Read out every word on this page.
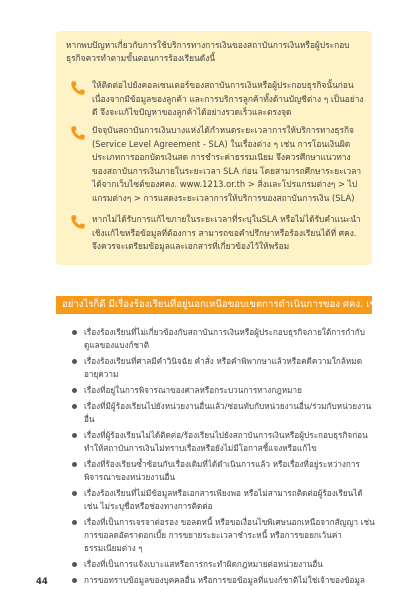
หากพบปัญหาเกี่ยวกับการใช้บริการทางการเงินของสถาบันการเงินหรือผู้ประกอบธุรกิจควรทำตามขั้นตอนการร้องเรียนดังนี้
ให้ติดต่อไปยังคอลเซนเตอร์ของสถาบันการเงินหรือผู้ประกอบธุรกิจนั้นก่อน เนื่องจากมีข้อมูลของลูกค้า และการบริการลูกค้าทั้งด้านบัญชีต่าง ๆ เป็นอย่างดี จึงจะแก้ไขปัญหาของลูกค้าได้อย่างรวดเร็วและตรงจุด
ปัจจุบันสถาบันการเงินบางแห่งได้กำหนดระยะเวลาการให้บริการทางธุรกิจ (Service Level Agreement - SLA) ในเรื่องต่าง ๆ เช่น การโอนเงินผิดประเภทการออกบัตรเงินสด การชำระค่าธรรมเนียม จึงควรศึกษาแนวทางของสถาบันการเงินภายในระยะเวลา SLA ก่อน โดยสามารถศึกษาระยะเวลาได้จากเว็บไซต์ของศคง. www.1213.or.th > สิ่งและโปรแกรมต่างๆ > ไปแกรมต่างๆ > การแสดงระยะเวลาการให้บริการของสถาบันการเงิน (SLA)
หากไม่ได้รับการแก้ไขภายในระยะเวลาที่ระบุในSLA หรือไม่ได้รับคำแนะนำเชิงแก้ไขหรือข้อมูลที่ต้องการ สามารถขอคำปรึกษาหรือร้องเรียนได้ที่ ศคง. จึงควรจะเตรียมข้อมูลและเอกสารที่เกี่ยวข้องไว้ให้พร้อม
อย่างไรก็ดี มีเรื่องร้องเรียนที่อยู่นอกเหนือขอบเขตการดำเนินการของ ศคง. เช่น
เรื่องร้องเรียนที่ไม่เกี่ยวข้องกับสถาบันการเงินหรือผู้ประกอบธุรกิจภายใต้การกำกับดูแลของแบงก์ชาติ
เรื่องร้องเรียนที่ศาลมีคำวินิจฉัย คำสั่ง หรือคำพิพากษาแล้วหรือคดีความใกล้หมดอายุความ
เรื่องที่อยู่ในการพิจารณาของศาลหรือกระบวนการทางกฎหมาย
เรื่องที่มีผู้ร้องเรียนไปยังหน่วยงานอื่นแล้ว/ซ่อนทับกับหน่วยงานอื่น/ร่วมกับหน่วยงานอื่น
เรื่องที่ผู้ร้องเรียนไม่ได้ติดต่อ/ร้องเรียนไปยังสถาบันการเงินหรือผู้ประกอบธุรกิจก่อน ทำให้สถาบันการเงินไม่ทราบเรื่องหรือยังไม่มีโอกาสชี้แจงหรือแก้ไข
เรื่องที่ร้องเรียนซ้ำซ้อนกับเรื่องเดิมที่ได้ดำเนินการแล้ว หรือเรื่องที่อยู่ระหว่างการพิจารณาของหน่วยงานอื่น
เรื่องร้องเรียนที่ไม่มีข้อมูลหรือเอกสารเพียงพอ หรือไม่สามารถติดต่อผู้ร้องเรียนได้ เช่น ไม่ระบุชื่อหรือช่องทางการติดต่อ
เรื่องที่เป็นการเจรจาต่อรอง ขอลดหนี้ หรือขอเงื่อนไขพิเศษนอกเหนือจากสัญญา เช่น การขอลดอัตราดอกเบี้ย การขยายระยะเวลาชำระหนี้ หรือการขอยกเว้นค่าธรรมเนียมต่าง ๆ
เรื่องที่เป็นการแจ้งเบาะแสหรือการกระทำผิดกฎหมายต่อหน่วยงานอื่น
การขอทราบข้อมูลของบุคคลอื่น หรือการขอข้อมูลที่แบงก์ชาติไม่ใช่เจ้าของข้อมูล
44
